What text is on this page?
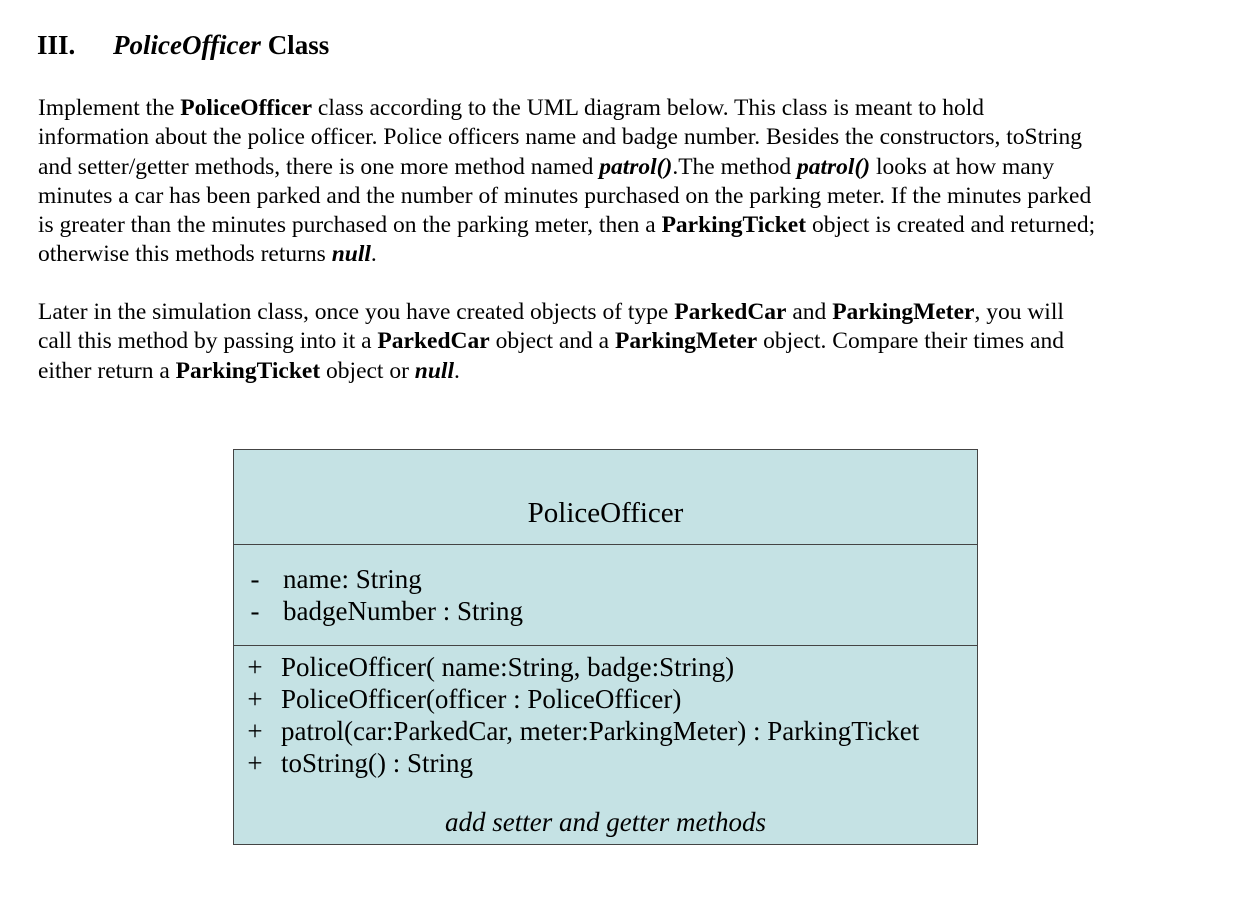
III. PoliceOfficer Class

Implement the PoliceOfficer class according to the UML diagram below. This class is meant to hold
information about the police officer. Police officers name and badge number. Besides the constructors, toString
and setter/getter methods, there is one more method named patrol().The method patrol() looks at how many
minutes a car has been parked and the number of minutes purchased on the parking meter. If the minutes parked
is greater than the minutes purchased on the parking meter, then a ParkingTicket object is created and returned;
otherwise this methods returns null.

Later in the simulation class, once you have created objects of type ParkedCar and ParkingMeter, you will
call this method by passing into it a ParkedCar object and a ParkingMeter object. Compare their times and
either return a ParkingTicket object or null.

PoliceOfficer
- name: String
- badgeNumber : String
+ PoliceOfficer( name:String, badge:String)
+ PoliceOfficer(officer : PoliceOfficer)
+ patrol(car:ParkedCar, meter:ParkingMeter) : ParkingTicket
+ toString() : String
add setter and getter methods
